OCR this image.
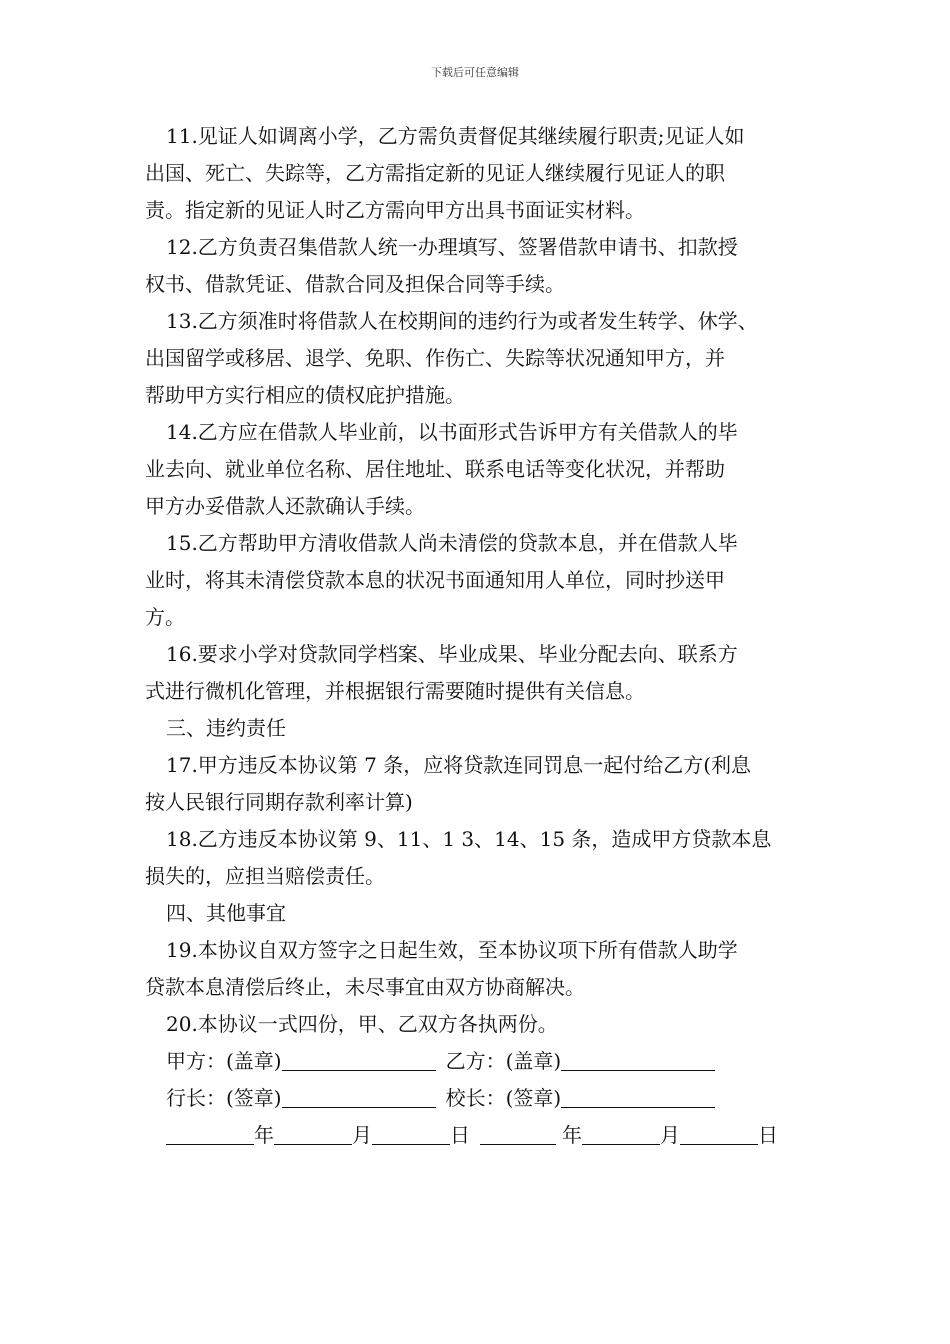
下载后可任意编辑
11.见证人如调离小学，乙方需负责督促其继续履行职责;见证人如
出国、死亡、失踪等，乙方需指定新的见证人继续履行见证人的职
责。指定新的见证人时乙方需向甲方出具书面证实材料。
12.乙方负责召集借款人统一办理填写、签署借款申请书、扣款授
权书、借款凭证、借款合同及担保合同等手续。
13.乙方须准时将借款人在校期间的违约行为或者发生转学、休学、
出国留学或移居、退学、免职、作伤亡、失踪等状况通知甲方，并
帮助甲方实行相应的债权庇护措施。
14.乙方应在借款人毕业前，以书面形式告诉甲方有关借款人的毕
业去向、就业单位名称、居住地址、联系电话等变化状况，并帮助
甲方办妥借款人还款确认手续。
15.乙方帮助甲方清收借款人尚未清偿的贷款本息，并在借款人毕
业时，将其未清偿贷款本息的状况书面通知用人单位，同时抄送甲
方。
16.要求小学对贷款同学档案、毕业成果、毕业分配去向、联系方
式进行微机化管理，并根据银行需要随时提供有关信息。
三、违约责任
17.甲方违反本协议第 7 条，应将贷款连同罚息一起付给乙方(利息
按人民银行同期存款利率计算)
18.乙方违反本协议第 9、11、1 3、14、15 条，造成甲方贷款本息
损失的，应担当赔偿责任。
四、其他事宜
19.本协议自双方签字之日起生效，至本协议项下所有借款人助学
贷款本息清偿后终止，未尽事宜由双方协商解决。
20.本协议一式四份，甲、乙双方各执两份。
甲方：(盖章)	乙方：(盖章)
行长：(签章)	校长：(签章)
年	月	日	年	月	日
